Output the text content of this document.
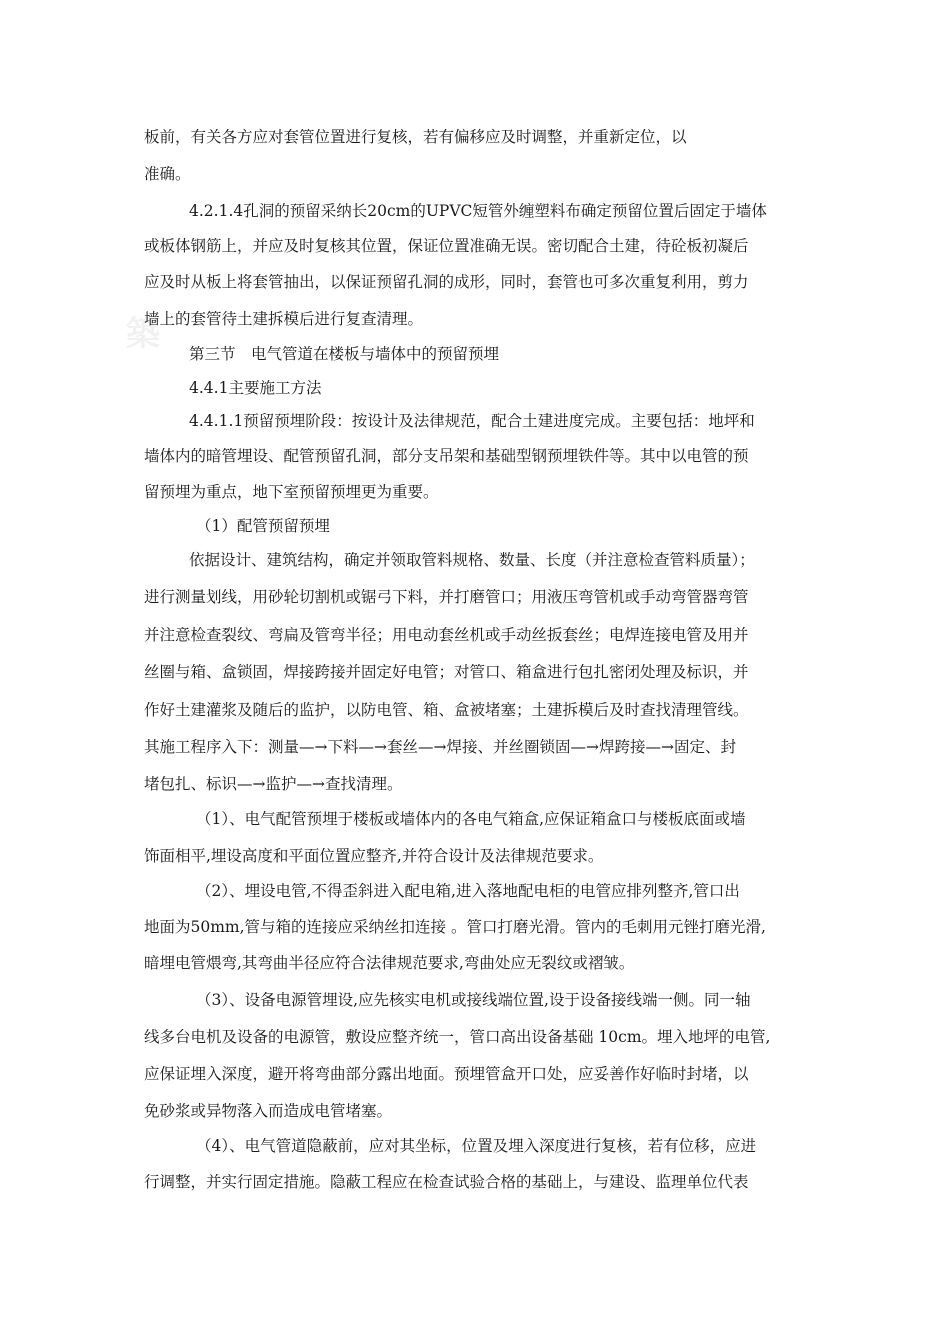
築
板前，有关各方应对套管位置进行复核，若有偏移应及时调整，并重新定位，以
准确。
4.2.1.4孔洞的预留采纳长20cm的UPVC短管外缠塑料布确定预留位置后固定于墙体
或板体钢筋上，并应及时复核其位置，保证位置准确无误。密切配合土建，待砼板初凝后
应及时从板上将套管抽出，以保证预留孔洞的成形，同时，套管也可多次重复利用，剪力
墙上的套管待土建拆模后进行复查清理。
第三节　电气管道在楼板与墙体中的预留预埋
4.4.1主要施工方法
4.4.1.1预留预埋阶段：按设计及法律规范，配合土建进度完成。主要包括：地坪和
墙体内的暗管埋设、配管预留孔洞，部分支吊架和基础型钢预埋铁件等。其中以电管的预
留预埋为重点，地下室预留预埋更为重要。
（1）配管预留预埋
依据设计、建筑结构，确定并领取管料规格、数量、长度（并注意检查管料质量）；
进行测量划线，用砂轮切割机或锯弓下料，并打磨管口；用液压弯管机或手动弯管器弯管
并注意检查裂纹、弯扁及管弯半径；用电动套丝机或手动丝扳套丝；电焊连接电管及用并
丝圈与箱、盒锁固，焊接跨接并固定好电管；对管口、箱盒进行包扎密闭处理及标识，并
作好土建灌浆及随后的监护，以防电管、箱、盒被堵塞；土建拆模后及时查找清理管线。
其施工程序入下：测量—→下料—→套丝—→焊接、并丝圈锁固—→焊跨接—→固定、封
堵包扎、标识—→监护—→查找清理。
（1）、电气配管预埋于楼板或墙体内的各电气箱盒,应保证箱盒口与楼板底面或墙
饰面相平,埋设高度和平面位置应整齐,并符合设计及法律规范要求。
（2）、埋设电管,不得歪斜进入配电箱,进入落地配电柜的电管应排列整齐,管口出
地面为50mm,管与箱的连接应采纳丝扣连接 。管口打磨光滑。管内的毛刺用元锉打磨光滑,
暗埋电管煨弯,其弯曲半径应符合法律规范要求,弯曲处应无裂纹或褶皱。
（3）、设备电源管埋设,应先核实电机或接线端位置,设于设备接线端一侧。同一轴
线多台电机及设备的电源管，敷设应整齐统一，管口高出设备基础 10cm。埋入地坪的电管,
应保证埋入深度，避开将弯曲部分露出地面。预埋管盒开口处，应妥善作好临时封堵，以
免砂浆或异物落入而造成电管堵塞。
（4）、电气管道隐蔽前，应对其坐标，位置及埋入深度进行复核，若有位移，应进
行调整，并实行固定措施。隐蔽工程应在检查试验合格的基础上，与建设、监理单位代表
